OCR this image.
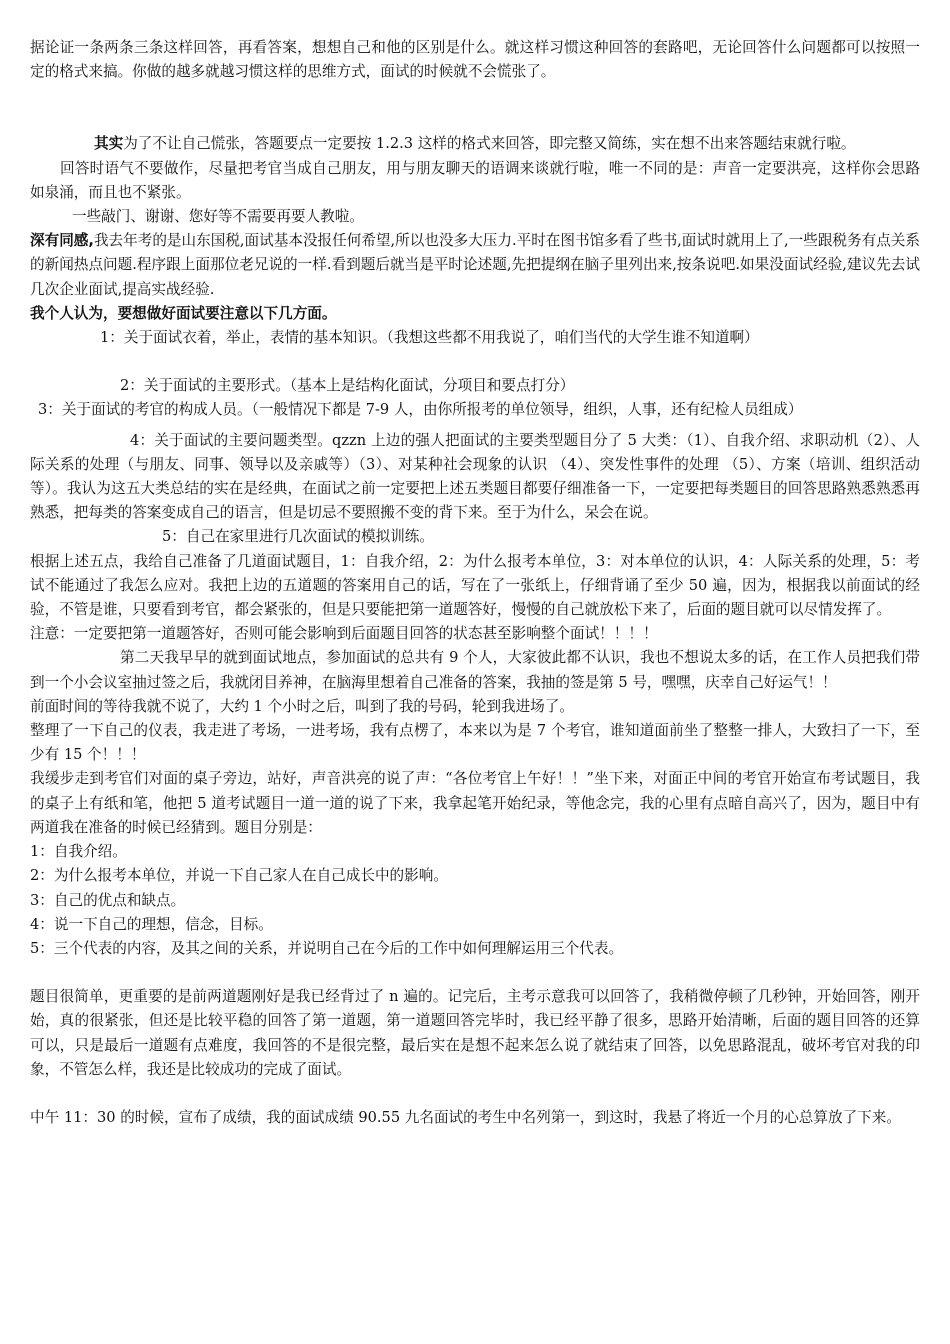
据论证一条两条三条这样回答，再看答案，想想自己和他的区别是什么。就这样习惯这种回答的套路吧，无论回答什么问题都可以按照一定的格式来搞。你做的越多就越习惯这样的思维方式，面试的时候就不会慌张了。

其实为了不让自己慌张，答题要点一定要按 1.2.3 这样的格式来回答，即完整又简练，实在想不出来答题结束就行啦。

回答时语气不要做作，尽量把考官当成自己朋友，用与朋友聊天的语调来谈就行啦，唯一不同的是：声音一定要洪亮，这样你会思路如泉涌，而且也不紧张。

一些敲门、谢谢、您好等不需要再要人教啦。

深有同感,我去年考的是山东国税,面试基本没报任何希望,所以也没多大压力.平时在图书馆多看了些书,面试时就用上了,一些跟税务有点关系的新闻热点问题.程序跟上面那位老兄说的一样.看到题后就当是平时论述题,先把提纲在脑子里列出来,按条说吧.如果没面试经验,建议先去试几次企业面试,提高实战经验.

我个人认为，要想做好面试要注意以下几方面。

1：关于面试衣着，举止，表情的基本知识。（我想这些都不用我说了，咱们当代的大学生谁不知道啊）

2：关于面试的主要形式。（基本上是结构化面试，分项目和要点打分）

3：关于面试的考官的构成人员。（一般情况下都是 7-9 人，由你所报考的单位领导，组织，人事，还有纪检人员组成）

4：关于面试的主要问题类型。qzzn 上边的强人把面试的主要类型题目分了 5 大类：（1）、自我介绍、求职动机（2）、人际关系的处理（与朋友、同事、领导以及亲戚等）（3）、对某种社会现象的认识 （4）、突发性事件的处理 （5）、方案（培训、组织活动等）。我认为这五大类总结的实在是经典，在面试之前一定要把上述五类题目都要仔细准备一下，一定要把每类题目的回答思路熟悉熟悉再熟悉，把每类的答案变成自己的语言，但是切忌不要照搬不变的背下来。至于为什么，呆会在说。

5：自己在家里进行几次面试的模拟训练。

根据上述五点，我给自己准备了几道面试题目，1：自我介绍，2：为什么报考本单位，3：对本单位的认识，4：人际关系的处理，5：考试不能通过了我怎么应对。我把上边的五道题的答案用自己的话，写在了一张纸上，仔细背诵了至少 50 遍，因为，根据我以前面试的经验，不管是谁，只要看到考官，都会紧张的，但是只要能把第一道题答好，慢慢的自己就放松下来了，后面的题目就可以尽情发挥了。

注意：一定要把第一道题答好，否则可能会影响到后面题目回答的状态甚至影响整个面试！！！！

第二天我早早的就到面试地点，参加面试的总共有 9 个人，大家彼此都不认识，我也不想说太多的话，在工作人员把我们带到一个小会议室抽过签之后，我就闭目养神，在脑海里想着自己准备的答案，我抽的签是第 5 号，嘿嘿，庆幸自己好运气！！

前面时间的等待我就不说了，大约 1 个小时之后，叫到了我的号码，轮到我进场了。

整理了一下自己的仪表，我走进了考场，一进考场，我有点楞了，本来以为是 7 个考官，谁知道面前坐了整整一排人，大致扫了一下，至少有 15 个！！！

我缓步走到考官们对面的桌子旁边，站好，声音洪亮的说了声：“各位考官上午好！！”坐下来，对面正中间的考官开始宣布考试题目，我的桌子上有纸和笔，他把 5 道考试题目一道一道的说了下来，我拿起笔开始纪录，等他念完，我的心里有点暗自高兴了，因为，题目中有两道我在准备的时候已经猜到。题目分别是：

1：自我介绍。

2：为什么报考本单位，并说一下自己家人在自己成长中的影响。

3：自己的优点和缺点。

4：说一下自己的理想，信念，目标。

5：三个代表的内容，及其之间的关系，并说明自己在今后的工作中如何理解运用三个代表。

题目很简单，更重要的是前两道题刚好是我已经背过了 n 遍的。记完后，主考示意我可以回答了，我稍微停顿了几秒钟，开始回答，刚开始，真的很紧张，但还是比较平稳的回答了第一道题，第一道题回答完毕时，我已经平静了很多，思路开始清晰，后面的题目回答的还算可以，只是最后一道题有点难度，我回答的不是很完整，最后实在是想不起来怎么说了就结束了回答，以免思路混乱，破坏考官对我的印象，不管怎么样，我还是比较成功的完成了面试。

中午 11：30 的时候，宣布了成绩，我的面试成绩 90.55 九名面试的考生中名列第一，到这时，我悬了将近一个月的心总算放了下来。
